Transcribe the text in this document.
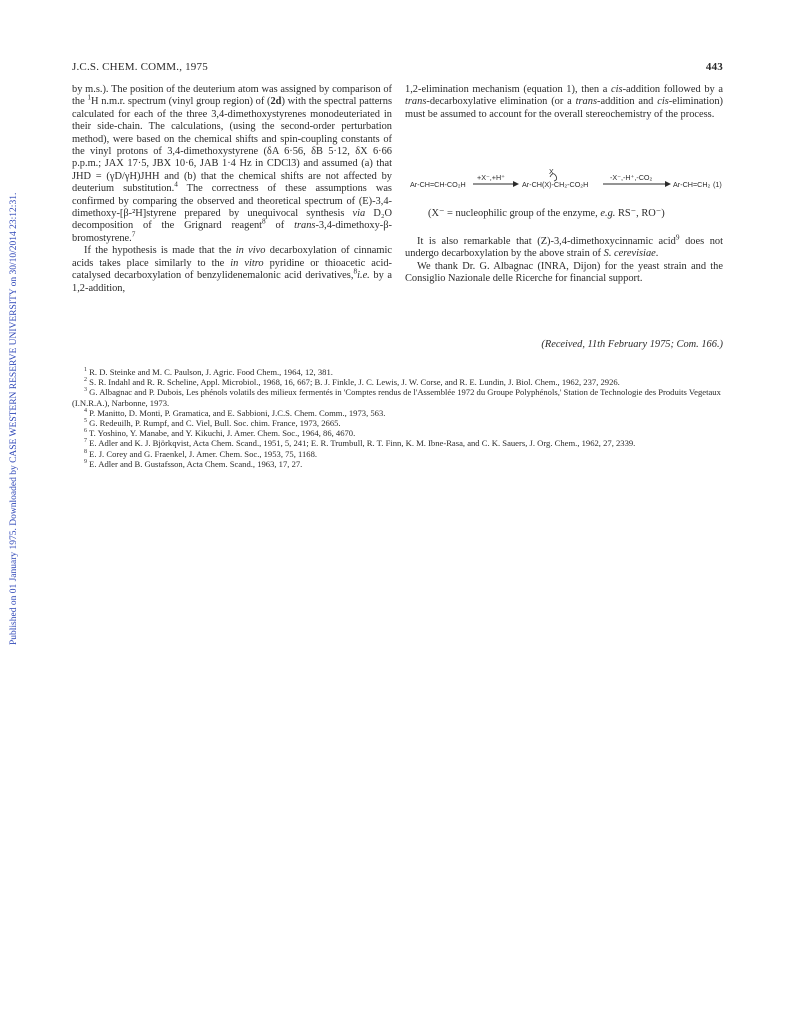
Published on 01 January 1975. Downloaded by CASE WESTERN RESERVE UNIVERSITY on 30/10/2014 23:12:31.
J.C.S. CHEM. COMM., 1975	443

by m.s.). The position of the deuterium atom was assigned by comparison of the $^1$H n.m.r. spectrum (vinyl group region) of (2d) with the spectral patterns calculated for each of the three 3,4-dimethoxystyrenes monodeuteriated in their side-chain. The calculations, (using the second-order perturbation method), were based on the chemical shifts and spin-coupling constants of the vinyl protons of 3,4-dimethoxystyrene (δA 6·56, δB 5·12, δX 6·66 p.p.m.; JAX 17·5, JBX 10·6, JAB 1·4 Hz in CDCl3) and assumed (a) that JHD = (γD/γH)JHH and (b) that the chemical shifts are not affected by deuterium substitution.$^4$ The correctness of these assumptions was confirmed by comparing the observed and theoretical spectrum of (E)-3,4-dimethoxy-[β-²H]styrene prepared by unequivocal synthesis via D₂O decomposition of the Grignard reagent$^8$ of trans-3,4-dimethoxy-β-bromostyrene.$^7$

If the hypothesis is made that the in vivo decarboxylation of cinnamic acids takes place similarly to the in vitro pyridine or thioacetic acid-catalysed decarboxylation of benzylidenemalonic acid derivatives,$^8$i.e. by a 1,2-addition,

1,2-elimination mechanism (equation 1), then a cis-addition followed by a trans-decarboxylative elimination (or a trans-addition and cis-elimination) must be assumed to account for the overall stereochemistry of the process.

X
Ar-CH=CH-CO₂H
+X⁻,+H⁺
Ar-CH(X)-CH₂-CO₂H
-X⁻,-H⁺,-CO₂
Ar-CH=CH₂ (1)
(X⁻ = nucleophilic group of the enzyme, e.g. RS⁻, RO⁻)

It is also remarkable that (Z)-3,4-dimethoxycinnamic acid$^9$ does not undergo decarboxylation by the above strain of S. cerevisiae.

We thank Dr. G. Albagnac (INRA, Dijon) for the yeast strain and the Consiglio Nazionale delle Ricerche for financial support.

(Received, 11th February 1975; Com. 166.)

$^1$ R. D. Steinke and M. C. Paulson, J. Agric. Food Chem., 1964, 12, 381.

$^2$ S. R. Indahl and R. R. Scheline, Appl. Microbiol., 1968, 16, 667; B. J. Finkle, J. C. Lewis, J. W. Corse, and R. E. Lundin, J. Biol. Chem., 1962, 237, 2926.

$^3$ G. Albagnac and P. Dubois, Les phénols volatils des milieux fermentés in 'Comptes rendus de l'Assemblée 1972 du Groupe Polyphénols,' Station de Technologie des Produits Vegetaux (I.N.R.A.), Narbonne, 1973.

$^4$ P. Manitto, D. Monti, P. Gramatica, and E. Sabbioni, J.C.S. Chem. Comm., 1973, 563.

$^5$ G. Redeuilh, P. Rumpf, and C. Viel, Bull. Soc. chim. France, 1973, 2665.

$^6$ T. Yoshino, Y. Manabe, and Y. Kikuchi, J. Amer. Chem. Soc., 1964, 86, 4670.

$^7$ E. Adler and K. J. Björkqvist, Acta Chem. Scand., 1951, 5, 241; E. R. Trumbull, R. T. Finn, K. M. Ibne-Rasa, and C. K. Sauers, J. Org. Chem., 1962, 27, 2339.

$^8$ E. J. Corey and G. Fraenkel, J. Amer. Chem. Soc., 1953, 75, 1168.

$^9$ E. Adler and B. Gustafsson, Acta Chem. Scand., 1963, 17, 27.
